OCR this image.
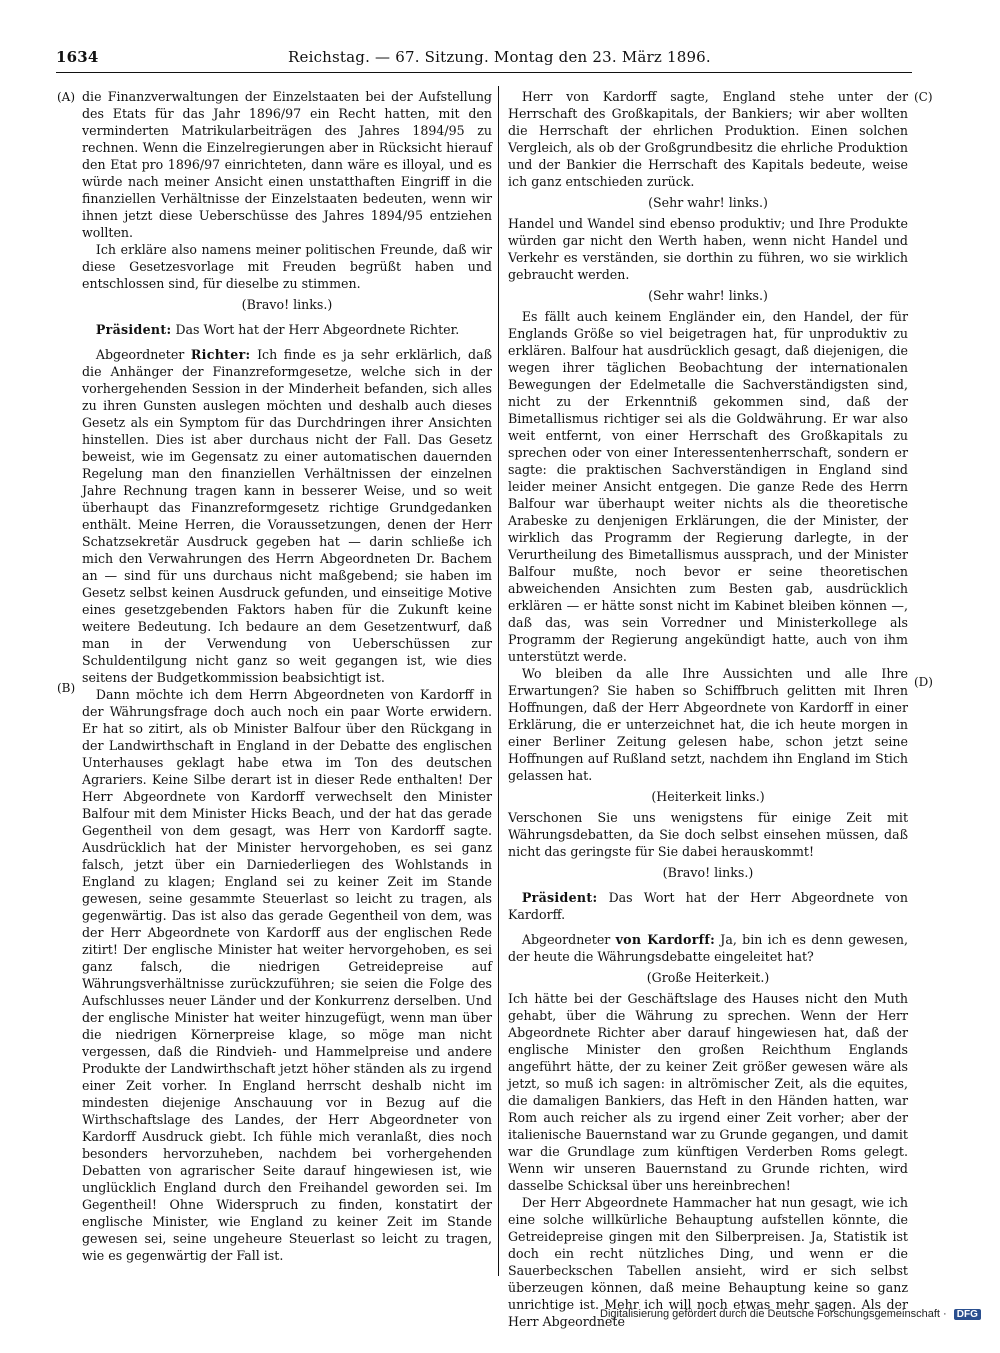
1634	Reichstag. — 67. Sitzung. Montag den 23. März 1896.
(A)
(B)
(C)
(D)

die Finanzverwaltungen der Einzelstaaten bei der Aufstellung des Etats für das Jahr 1896/97 ein Recht hatten, mit den verminderten Matrikularbeiträgen des Jahres 1894/95 zu rechnen. Wenn die Einzelregierungen aber in Rücksicht hierauf den Etat pro 1896/97 einrichteten, dann wäre es illoyal, und es würde nach meiner Ansicht einen unstatthaften Eingriff in die finanziellen Verhältnisse der Einzelstaaten bedeuten, wenn wir ihnen jetzt diese Ueberschüsse des Jahres 1894/95 entziehen wollten.

Ich erkläre also namens meiner politischen Freunde, daß wir diese Gesetzesvorlage mit Freuden begrüßt haben und entschlossen sind, für dieselbe zu stimmen.

(Bravo! links.)

Präsident: Das Wort hat der Herr Abgeordnete Richter.

Abgeordneter Richter: Ich finde es ja sehr erklärlich, daß die Anhänger der Finanzreformgesetze, welche sich in der vorhergehenden Session in der Minderheit befanden, sich alles zu ihren Gunsten auslegen möchten und deshalb auch dieses Gesetz als ein Symptom für das Durchdringen ihrer Ansichten hinstellen. Dies ist aber durchaus nicht der Fall. Das Gesetz beweist, wie im Gegensatz zu einer automatischen dauernden Regelung man den finanziellen Verhältnissen der einzelnen Jahre Rechnung tragen kann in besserer Weise, und so weit überhaupt das Finanzreformgesetz richtige Grundgedanken enthält. Meine Herren, die Voraussetzungen, denen der Herr Schatzsekretär Ausdruck gegeben hat — darin schließe ich mich den Verwahrungen des Herrn Abgeordneten Dr. Bachem an — sind für uns durchaus nicht maßgebend; sie haben im Gesetz selbst keinen Ausdruck gefunden, und einseitige Motive eines gesetzgebenden Faktors haben für die Zukunft keine weitere Bedeutung. Ich bedaure an dem Gesetzentwurf, daß man in der Verwendung von Ueberschüssen zur Schuldentilgung nicht ganz so weit gegangen ist, wie dies seitens der Budgetkommission beabsichtigt ist.

Dann möchte ich dem Herrn Abgeordneten von Kardorff in der Währungsfrage doch auch noch ein paar Worte erwidern. Er hat so zitirt, als ob Minister Balfour über den Rückgang in der Landwirthschaft in England in der Debatte des englischen Unterhauses geklagt habe etwa im Ton des deutschen Agrariers. Keine Silbe derart ist in dieser Rede enthalten! Der Herr Abgeordnete von Kardorff verwechselt den Minister Balfour mit dem Minister Hicks Beach, und der hat das gerade Gegentheil von dem gesagt, was Herr von Kardorff sagte. Ausdrücklich hat der Minister hervorgehoben, es sei ganz falsch, jetzt über ein Darniederliegen des Wohlstands in England zu klagen; England sei zu keiner Zeit im Stande gewesen, seine gesammte Steuerlast so leicht zu tragen, als gegenwärtig. Das ist also das gerade Gegentheil von dem, was der Herr Abgeordnete von Kardorff aus der englischen Rede zitirt! Der englische Minister hat weiter hervorgehoben, es sei ganz falsch, die niedrigen Getreidepreise auf Währungsverhältnisse zurückzuführen; sie seien die Folge des Aufschlusses neuer Länder und der Konkurrenz derselben. Und der englische Minister hat weiter hinzugefügt, wenn man über die niedrigen Körnerpreise klage, so möge man nicht vergessen, daß die Rindvieh- und Hammelpreise und andere Produkte der Landwirthschaft jetzt höher ständen als zu irgend einer Zeit vorher. In England herrscht deshalb nicht im mindesten diejenige Anschauung vor in Bezug auf die Wirthschaftslage des Landes, der Herr Abgeordneter von Kardorff Ausdruck giebt. Ich fühle mich veranlaßt, dies noch besonders hervorzuheben, nachdem bei vorhergehenden Debatten von agrarischer Seite darauf hingewiesen ist, wie unglücklich England durch den Freihandel geworden sei. Im Gegentheil! Ohne Widerspruch zu finden, konstatirt der englische Minister, wie England zu keiner Zeit im Stande gewesen sei, seine ungeheure Steuerlast so leicht zu tragen, wie es gegenwärtig der Fall ist.

Herr von Kardorff sagte, England stehe unter der Herrschaft des Großkapitals, der Bankiers; wir aber wollten die Herrschaft der ehrlichen Produktion. Einen solchen Vergleich, als ob der Großgrundbesitz die ehrliche Produktion und der Bankier die Herrschaft des Kapitals bedeute, weise ich ganz entschieden zurück.

(Sehr wahr! links.)

Handel und Wandel sind ebenso produktiv; und Ihre Produkte würden gar nicht den Werth haben, wenn nicht Handel und Verkehr es verständen, sie dorthin zu führen, wo sie wirklich gebraucht werden.

(Sehr wahr! links.)

Es fällt auch keinem Engländer ein, den Handel, der für Englands Größe so viel beigetragen hat, für unproduktiv zu erklären. Balfour hat ausdrücklich gesagt, daß diejenigen, die wegen ihrer täglichen Beobachtung der internationalen Bewegungen der Edelmetalle die Sachverständigsten sind, nicht zu der Erkenntniß gekommen sind, daß der Bimetallismus richtiger sei als die Goldwährung. Er war also weit entfernt, von einer Herrschaft des Großkapitals zu sprechen oder von einer Interessentenherrschaft, sondern er sagte: die praktischen Sachverständigen in England sind leider meiner Ansicht entgegen. Die ganze Rede des Herrn Balfour war überhaupt weiter nichts als die theoretische Arabeske zu denjenigen Erklärungen, die der Minister, der wirklich das Programm der Regierung darlegte, in der Verurtheilung des Bimetallismus aussprach, und der Minister Balfour mußte, noch bevor er seine theoretischen abweichenden Ansichten zum Besten gab, ausdrücklich erklären — er hätte sonst nicht im Kabinet bleiben können —, daß das, was sein Vorredner und Ministerkollege als Programm der Regierung angekündigt hatte, auch von ihm unterstützt werde.

Wo bleiben da alle Ihre Aussichten und alle Ihre Erwartungen? Sie haben so Schiffbruch gelitten mit Ihren Hoffnungen, daß der Herr Abgeordnete von Kardorff in einer Erklärung, die er unterzeichnet hat, die ich heute morgen in einer Berliner Zeitung gelesen habe, schon jetzt seine Hoffnungen auf Rußland setzt, nachdem ihn England im Stich gelassen hat.

(Heiterkeit links.)

Verschonen Sie uns wenigstens für einige Zeit mit Währungsdebatten, da Sie doch selbst einsehen müssen, daß nicht das geringste für Sie dabei herauskommt!

(Bravo! links.)

Präsident: Das Wort hat der Herr Abgeordnete von Kardorff.

Abgeordneter von Kardorff: Ja, bin ich es denn gewesen, der heute die Währungsdebatte eingeleitet hat?

(Große Heiterkeit.)

Ich hätte bei der Geschäftslage des Hauses nicht den Muth gehabt, über die Währung zu sprechen. Wenn der Herr Abgeordnete Richter aber darauf hingewiesen hat, daß der englische Minister den großen Reichthum Englands angeführt hätte, der zu keiner Zeit größer gewesen wäre als jetzt, so muß ich sagen: in altrömischer Zeit, als die equites, die damaligen Bankiers, das Heft in den Händen hatten, war Rom auch reicher als zu irgend einer Zeit vorher; aber der italienische Bauernstand war zu Grunde gegangen, und damit war die Grundlage zum künftigen Verderben Roms gelegt. Wenn wir unseren Bauernstand zu Grunde richten, wird dasselbe Schicksal über uns hereinbrechen!

Der Herr Abgeordnete Hammacher hat nun gesagt, wie ich eine solche willkürliche Behauptung aufstellen könnte, die Getreidepreise gingen mit den Silberpreisen. Ja, Statistik ist doch ein recht nützliches Ding, und wenn er die Sauerbeckschen Tabellen ansieht, wird er sich selbst überzeugen können, daß meine Behauptung keine so ganz unrichtige ist. Mehr ich will noch etwas mehr sagen. Als der Herr Abgeordnete

Digitalisierung gefördert durch die Deutsche Forschungsgemeinschaft · DFG
